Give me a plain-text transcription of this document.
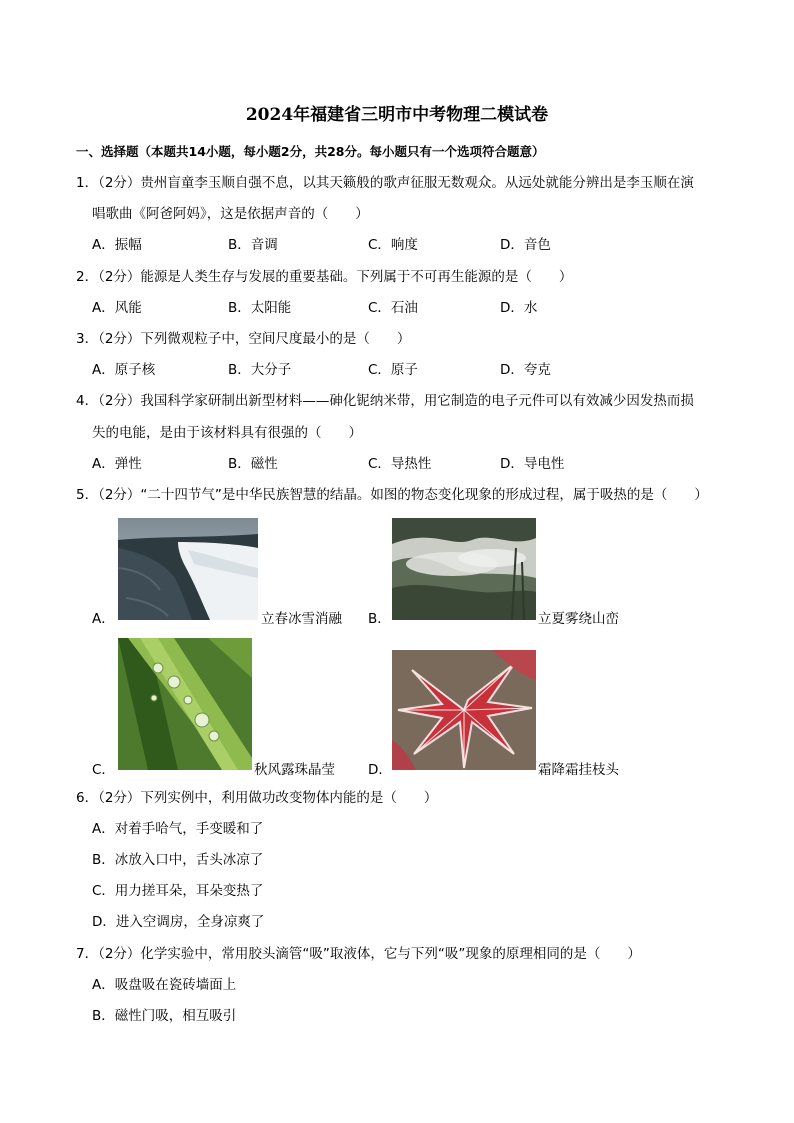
2024年福建省三明市中考物理二模试卷
一、选择题（本题共14小题，每小题2分，共28分。每小题只有一个选项符合题意）
1．（2分）贵州盲童李玉顺自强不息，以其天籁般的歌声征服无数观众。从远处就能分辨出是李玉顺在演
唱歌曲《阿爸阿妈》，这是依据声音的（　　）
A．振幅	B．音调	C．响度	D．音色
2．（2分）能源是人类生存与发展的重要基础。下列属于不可再生能源的是（　　）
A．风能	B．太阳能	C．石油	D．水
3．（2分）下列微观粒子中，空间尺度最小的是（　　）
A．原子核	B．大分子	C．原子	D．夸克
4．（2分）我国科学家研制出新型材料——砷化铌纳米带，用它制造的电子元件可以有效减少因发热而损
失的电能，是由于该材料具有很强的（　　）
A．弹性	B．磁性	C．导热性	D．导电性
5．（2分）“二十四节气”是中华民族智慧的结晶。如图的物态变化现象的形成过程，属于吸热的是（　　）
A．	立春冰雪消融 B．	立夏雾绕山峦
C．	秋风露珠晶莹 D．	霜降霜挂枝头
6．（2分）下列实例中，利用做功改变物体内能的是（　　）
A．对着手哈气，手变暖和了
B．冰放入口中，舌头冰凉了
C．用力搓耳朵，耳朵变热了
D．进入空调房，全身凉爽了
7．（2分）化学实验中，常用胶头滴管“吸”取液体，它与下列“吸”现象的原理相同的是（　　）
A．吸盘吸在瓷砖墙面上
B．磁性门吸，相互吸引
